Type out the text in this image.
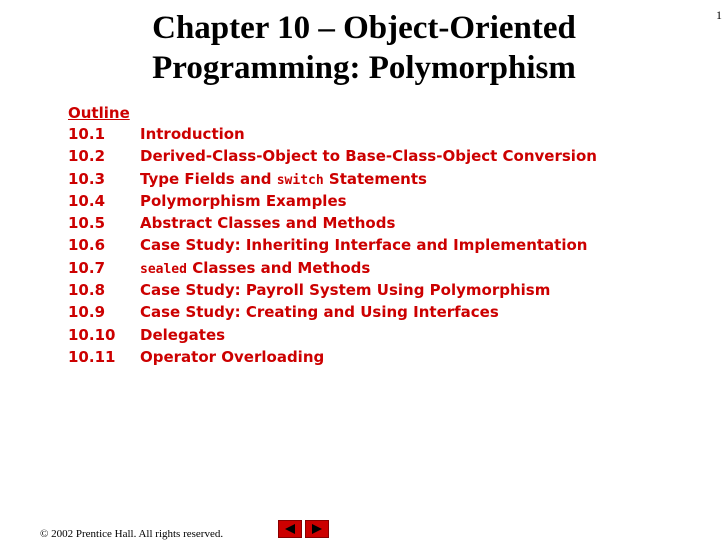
1
Chapter 10 – Object-Oriented
Programming: Polymorphism
Outline
10.1 Introduction
10.2 Derived-Class-Object to Base-Class-Object Conversion
10.3 Type Fields and switch Statements
10.4 Polymorphism Examples
10.5 Abstract Classes and Methods
10.6 Case Study: Inheriting Interface and Implementation
10.7	sealed Classes and Methods
10.8 Case Study: Payroll System Using Polymorphism
10.9 Case Study: Creating and Using Interfaces
10.10 Delegates
10.11 Operator Overloading
© 2002 Prentice Hall. All rights reserved.
